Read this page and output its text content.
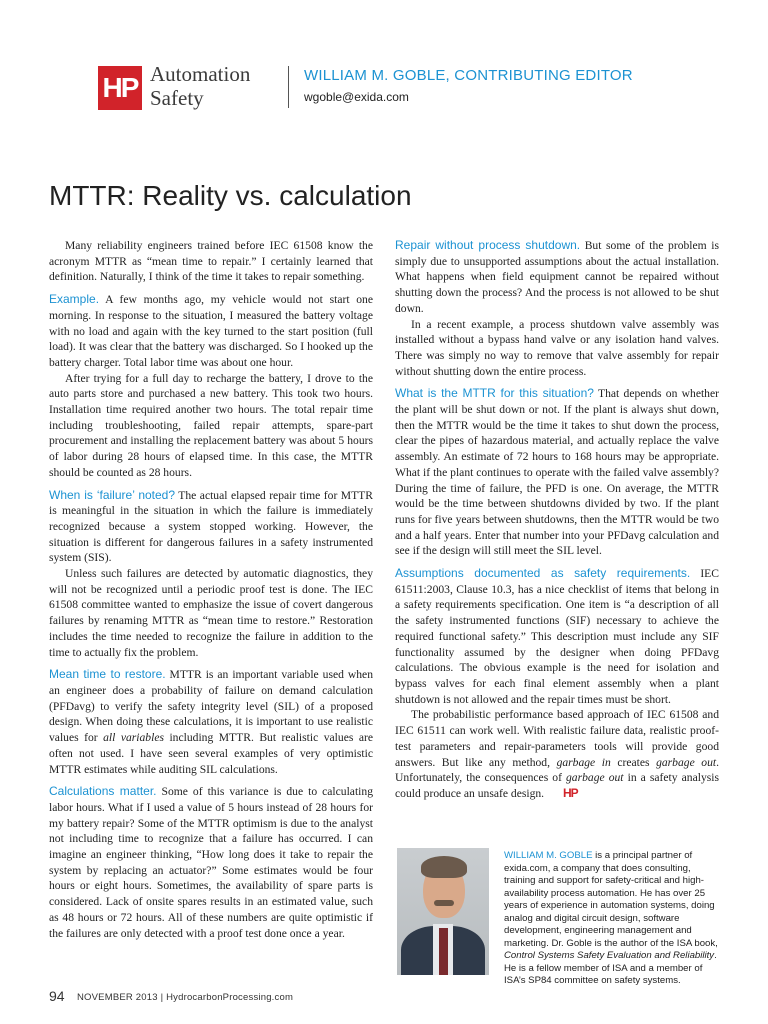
HP Automation
Safety
WILLIAM M. GOBLE, CONTRIBUTING EDITOR
wgoble@exida.com
MTTR: Reality vs. calculation

Many reliability engineers trained before IEC 61508 know the acronym MTTR as “mean time to repair.” I certainly learned that definition. Naturally, I think of the time it takes to repair something.

Example. A few months ago, my vehicle would not start one morning. In response to the situation, I measured the battery voltage with no load and again with the key turned to the start position (full load). It was clear that the battery was discharged. So I hooked up the battery charger. Total labor time was about one hour.

After trying for a full day to recharge the battery, I drove to the auto parts store and purchased a new battery. This took two hours. Installation time required another two hours. The total repair time including troubleshooting, failed repair attempts, spare-part procurement and installing the replacement battery was about 5 hours of labor during 28 hours of elapsed time. In this case, the MTTR should be counted as 28 hours.

When is ‘failure’ noted? The actual elapsed repair time for MTTR is meaningful in the situation in which the failure is immediately recognized because a system stopped working. However, the situation is different for dangerous failures in a safety instrumented system (SIS).

Unless such failures are detected by automatic diagnostics, they will not be recognized until a periodic proof test is done. The IEC 61508 committee wanted to emphasize the issue of covert dangerous failures by renaming MTTR as “mean time to restore.” Restoration includes the time needed to recognize the failure in addition to the time to actually fix the problem.

Mean time to restore. MTTR is an important variable used when an engineer does a probability of failure on demand calculation (PFDavg) to verify the safety integrity level (SIL) of a proposed design. When doing these calculations, it is important to use realistic values for all variables including MTTR. But realistic values are often not used. I have seen several examples of very optimistic MTTR estimates while auditing SIL calculations.

Calculations matter. Some of this variance is due to calculating labor hours. What if I used a value of 5 hours instead of 28 hours for my battery repair? Some of the MTTR optimism is due to the analyst not including time to recognize that a failure has occurred. I can imagine an engineer thinking, “How long does it take to repair the system by replacing an actuator?” Some estimates would be four hours or eight hours. Sometimes, the availability of spare parts is considered. Lack of onsite spares results in an estimated value, such as 48 hours or 72 hours. All of these numbers are quite optimistic if the failures are only detected with a proof test done once a year.

Repair without process shutdown. But some of the problem is simply due to unsupported assumptions about the actual installation. What happens when field equipment cannot be repaired without shutting down the process? And the process is not allowed to be shut down.

In a recent example, a process shutdown valve assembly was installed without a bypass hand valve or any isolation hand valves. There was simply no way to remove that valve assembly for repair without shutting down the entire process.

What is the MTTR for this situation? That depends on whether the plant will be shut down or not. If the plant is always shut down, then the MTTR would be the time it takes to shut down the process, clear the pipes of hazardous material, and actually replace the valve assembly. An estimate of 72 hours to 168 hours may be appropriate. What if the plant continues to operate with the failed valve assembly? During the time of failure, the PFD is one. On average, the MTTR would be the time between shutdowns divided by two. If the plant runs for five years between shutdowns, then the MTTR would be two and a half years. Enter that number into your PFDavg calculation and see if the design will still meet the SIL level.

Assumptions documented as safety requirements. IEC 61511:2003, Clause 10.3, has a nice checklist of items that belong in a safety requirements specification. One item is “a description of all the safety instrumented functions (SIF) necessary to achieve the required functional safety.” This description must include any SIF functionality assumed by the designer when doing PFDavg calculations. The obvious example is the need for isolation and bypass valves for each final element assembly when a plant shutdown is not allowed and the repair times must be short.

The probabilistic performance based approach of IEC 61508 and IEC 61511 can work well. With realistic failure data, realistic proof-test parameters and repair-parameters tools will provide good answers. But like any method, garbage in creates garbage out. Unfortunately, the consequences of garbage out in a safety analysis could produce an unsafe design. HP

WILLIAM M. GOBLE is a principal partner of exida.com, a company that does consulting, training and support for safety-critical and high-availability process automation. He has over 25 years of experience in automation systems, doing analog and digital circuit design, software development, engineering management and marketing. Dr. Goble is the author of the ISA book, Control Systems Safety Evaluation and Reliability. He is a fellow member of ISA and a member of ISA’s SP84 committee on safety systems.
94 NOVEMBER 2013 | HydrocarbonProcessing.com
